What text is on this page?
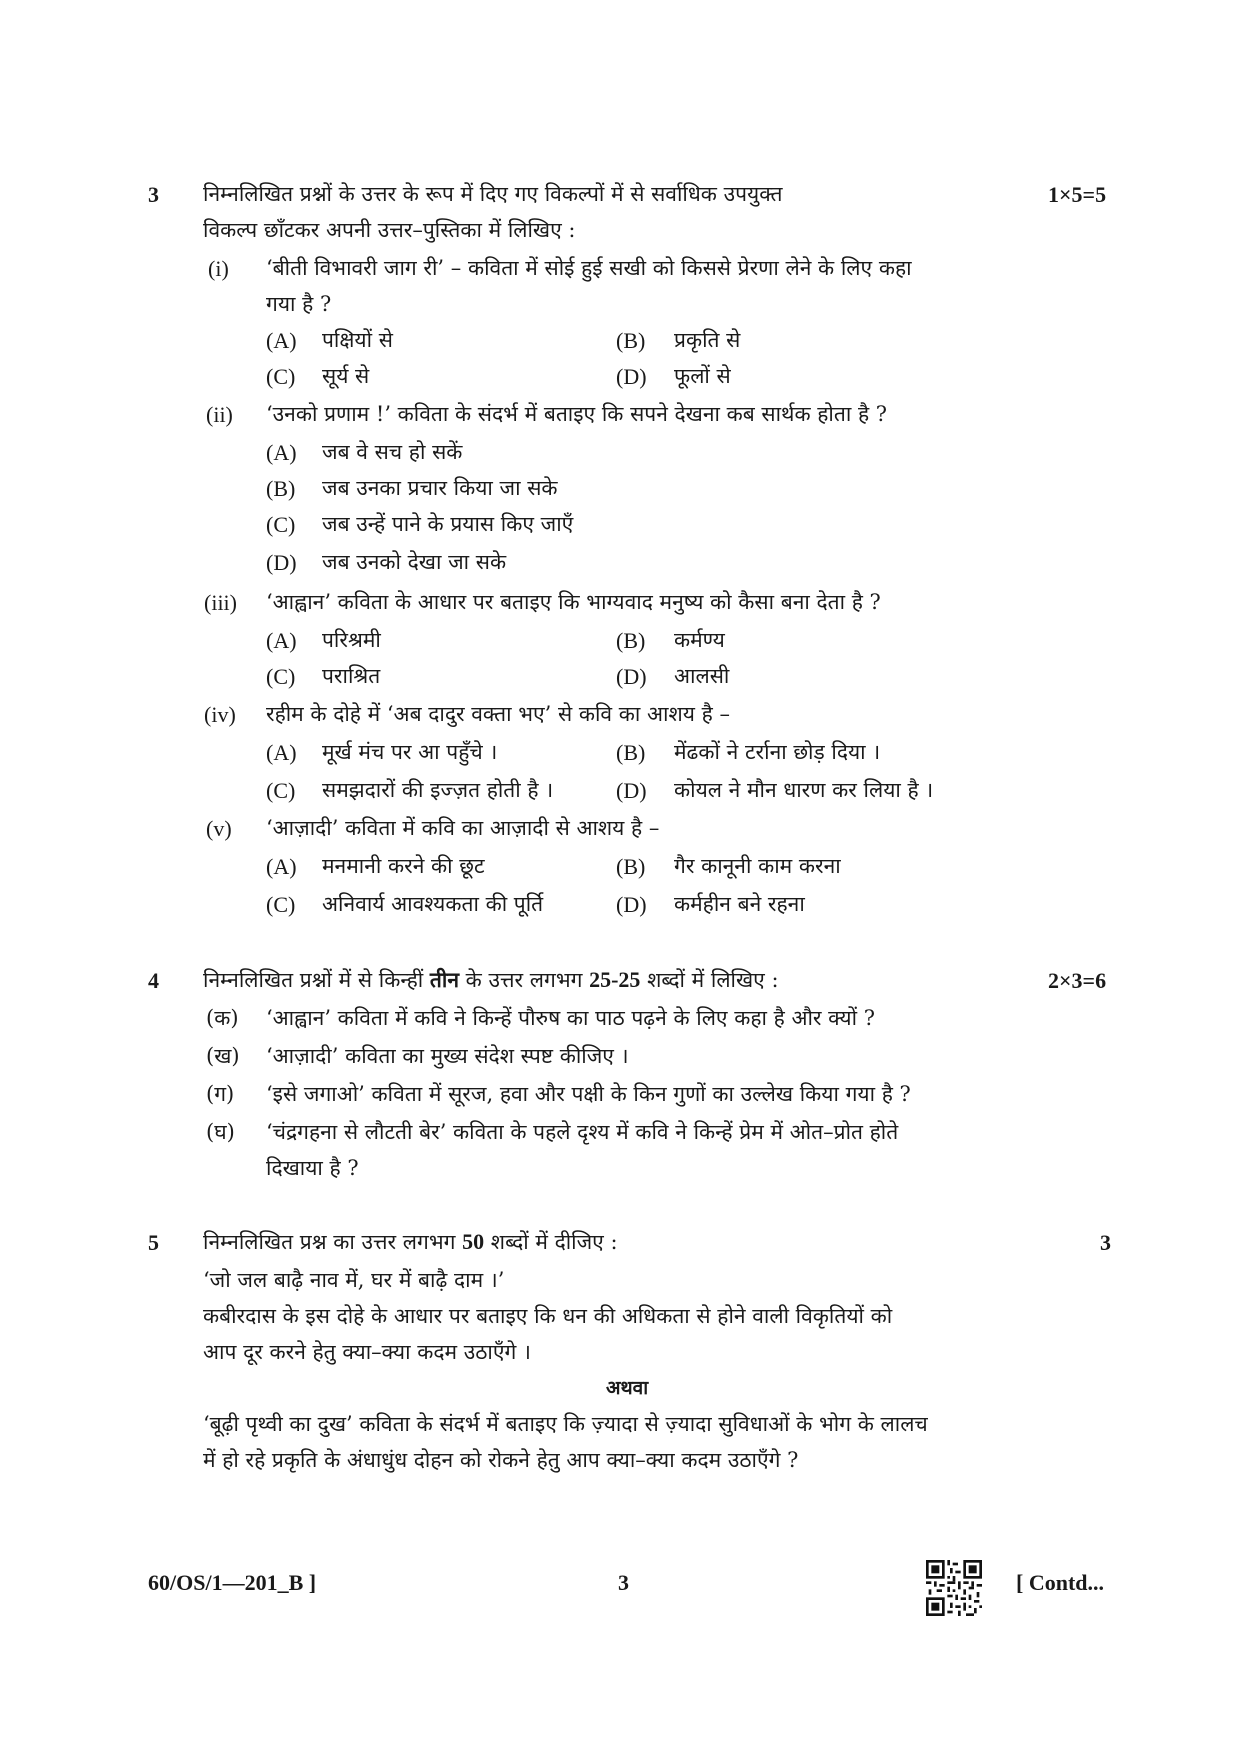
3 निम्नलिखित प्रश्नों के उत्तर के रूप में दिए गए विकल्पों में से सर्वाधिक उपयुक्त
विकल्प छाँटकर अपनी उत्तर–पुस्तिका में लिखिए :
1×5=5
(i) ‘बीती विभावरी जाग री’ – कविता में सोई हुई सखी को किससे प्रेरणा लेने के लिए कहा
गया है ?
(A) पक्षियों से	(B) प्रकृति से
(C) सूर्य से	(D) फूलों से
(ii) ‘उनको प्रणाम !’ कविता के संदर्भ में बताइए कि सपने देखना कब सार्थक होता है ?
(A) जब वे सच हो सकें
(B) जब उनका प्रचार किया जा सके
(C) जब उन्हें पाने के प्रयास किए जाएँ
(D) जब उनको देखा जा सके
(iii) ‘आह्वान’ कविता के आधार पर बताइए कि भाग्यवाद मनुष्य को कैसा बना देता है ?
(A) परिश्रमी	(B) कर्मण्य
(C) पराश्रित	(D) आलसी
(iv) रहीम के दोहे में ‘अब दादुर वक्ता भए’ से कवि का आशय है –
(A) मूर्ख मंच पर आ पहुँचे ।	(B) मेंढकों ने टर्राना छोड़ दिया ।
(C) समझदारों की इज्ज़त होती है ।	(D) कोयल ने मौन धारण कर लिया है ।
(v) ‘आज़ादी’ कविता में कवि का आज़ादी से आशय है –
(A) मनमानी करने की छूट	(B) गैर कानूनी काम करना
(C) अनिवार्य आवश्यकता की पूर्ति	(D) कर्महीन बने रहना
4 निम्नलिखित प्रश्नों में से किन्हीं तीन के उत्तर लगभग 25-25 शब्दों में लिखिए :	2×3=6
(क) ‘आह्वान’ कविता में कवि ने किन्हें पौरुष का पाठ पढ़ने के लिए कहा है और क्यों ?
(ख) ‘आज़ादी’ कविता का मुख्य संदेश स्पष्ट कीजिए ।
(ग) ‘इसे जगाओ’ कविता में सूरज, हवा और पक्षी के किन गुणों का उल्लेख किया गया है ?
(घ) ‘चंद्रगहना से लौटती बेर’ कविता के पहले दृश्य में कवि ने किन्हें प्रेम में ओत–प्रोत होते
दिखाया है ?
5 निम्नलिखित प्रश्न का उत्तर लगभग 50 शब्दों में दीजिए :	3
‘जो जल बाढ़ै नाव में, घर में बाढ़ै दाम ।’
कबीरदास के इस दोहे के आधार पर बताइए कि धन की अधिकता से होने वाली विकृतियों को
आप दूर करने हेतु क्या–क्या कदम उठाएँगे ।
अथवा
‘बूढ़ी पृथ्वी का दुख’ कविता के संदर्भ में बताइए कि ज़्यादा से ज़्यादा सुविधाओं के भोग के लालच
में हो रहे प्रकृति के अंधाधुंध दोहन को रोकने हेतु आप क्या–क्या कदम उठाएँगे ?
60/OS/1—201_B ]	3	[ Contd...
